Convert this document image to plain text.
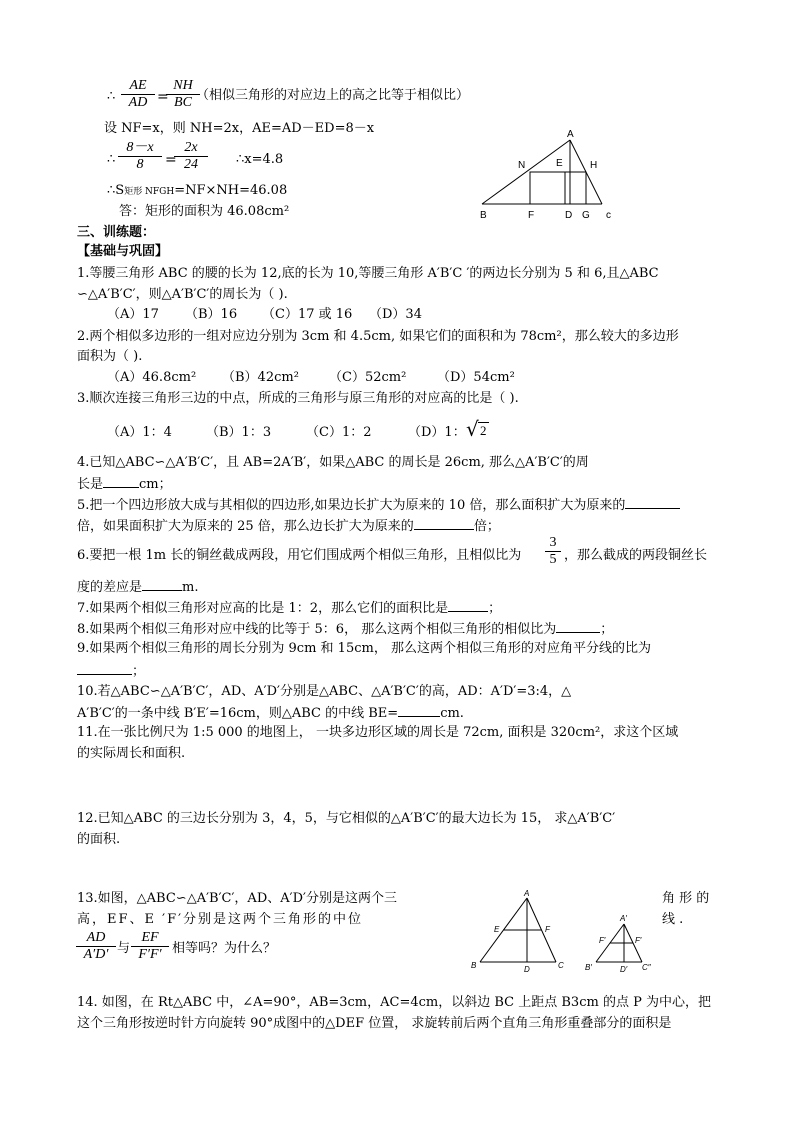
∴ $\frac{AE}{AD}$ =
$\frac{NH}{BC}$
（相似三角形的对应边上的高之比等于相似比）
设 NF=x，则 NH=2x，AE=AD－ED=8－x
∴ $\frac{8-x}{8}$ =
$\frac{2x}{24}$ ∴x=4.8
∴S矩形 NFGH=NF×NH=46.08
答：矩形的面积为 46.08cm²
A
N	E	H
B	F	D G c
三、训练题：
【基础与巩固】
1.等腰三角形 ABC 的腰的长为 12,底的长为 10,等腰三角形 A′B′C ′的两边长分别为 5 和 6,且△ABC
∽△A′B′C′，则△A′B′C′的周长为（ ).
（A）17 （B）16 （C）17 或 16 （D）34
2.两个相似多边形的一组对应边分别为 3cm 和 4.5cm, 如果它们的面积和为 78cm²，那么较大的多边形
面积为（ ).
（A）46.8cm² （B）42cm² （C）52cm² （D）54cm²
3.顺次连接三角形三边的中点，所成的三角形与原三角形的对应高的比是（ ).
（A）1：4	（B）1：3	（C）1：2	（D）1： √ 2
4.已知△ABC∽△A′B′C′，且 AB=2A′B′，如果△ABC 的周长是 26cm, 那么△A′B′C′的周
长是	cm；
5.把一个四边形放大成与其相似的四边形,如果边长扩大为原来的 10 倍，那么面积扩大为原来的
倍，如果面积扩大为原来的 25 倍，那么边长扩大为原来的	倍；
6.要把一根 1m 长的铜丝截成两段，用它们围成两个相似三角形，且相似比为 $\frac{3}{5}$ ，那么截成的两段铜丝长
度的差应是	m.
7.如果两个相似三角形对应高的比是 1：2，那么它们的面积比是	；
8.如果两个相似三角形对应中线的比等于 5：6， 那么这两个相似三角形的相似比为	；
9.如果两个相似三角形的周长分别为 9cm 和 15cm， 那么这两个相似三角形的对应角平分线的比为
；
10.若△ABC∽△A′B′C′，AD、A′D′分别是△ABC、△A′B′C′的高，AD：A′D′=3:4，△
A′B′C′的一条中线 B′E′=16cm，则△ABC 的中线 BE=	cm.
11.在一张比例尺为 1:5 000 的地图上， 一块多边形区域的周长是 72cm, 面积是 320cm²，求这个区域
的实际周长和面积.
12.已知△ABC 的三边长分别为 3，4，5，与它相似的△A′B′C′的最大边长为 15， 求△A′B′C′
的面积.
13.如图，△ABC∽△A′B′C′，AD、A′D′分别是这两个三	角 形 的
高，EF、E ′F′分别是这两个三角形的中位	线 .
$\frac{AD}{A'D'}$ 与 $\frac{EF}{F'F'}$ 相等吗？为什么？
A
E	F
B	D	C
A′
F′	F′
B′	D′ C″
14. 如图，在 Rt△ABC 中，∠A=90°，AB=3cm，AC=4cm，以斜边 BC 上距点 B3cm 的点 P 为中心，把
这个三角形按逆时针方向旋转 90°成图中的△DEF 位置， 求旋转前后两个直角三角形重叠部分的面积是
